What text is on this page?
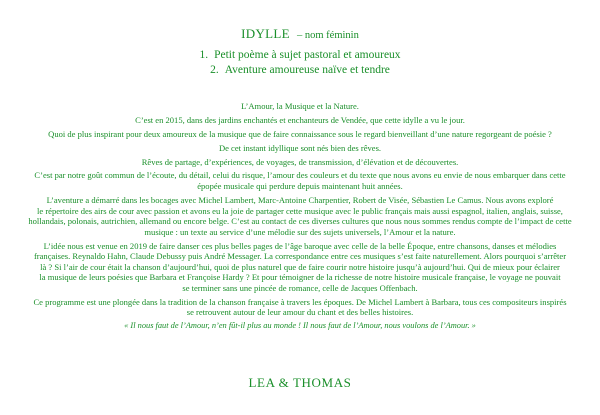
IDYLLE – nom féminin
1. Petit poème à sujet pastoral et amoureux
2. Aventure amoureuse naïve et tendre

L’Amour, la Musique et la Nature.

C’est en 2015, dans des jardins enchantés et enchanteurs de Vendée, que cette idylle a vu le jour.

Quoi de plus inspirant pour deux amoureux de la musique que de faire connaissance sous le regard bienveillant d’une nature regorgeant de poésie ?

De cet instant idyllique sont nés bien des rêves.

Rêves de partage, d’expériences, de voyages, de transmission, d’élévation et de découvertes.

C’est par notre goût commun de l’écoute, du détail, celui du risque, l’amour des couleurs et du texte que nous avons eu envie de nous embarquer dans cette
épopée musicale qui perdure depuis maintenant huit années.

L’aventure a démarré dans les bocages avec Michel Lambert, Marc-Antoine Charpentier, Robert de Visée, Sébastien Le Camus. Nous avons exploré
le répertoire des airs de cour avec passion et avons eu la joie de partager cette musique avec le public français mais aussi espagnol, italien, anglais, suisse,
hollandais, polonais, autrichien, allemand ou encore belge. C’est au contact de ces diverses cultures que nous nous sommes rendus compte de l’impact de cette
musique : un texte au service d’une mélodie sur des sujets universels, l’Amour et la nature.

L’idée nous est venue en 2019 de faire danser ces plus belles pages de l’âge baroque avec celle de la belle Époque, entre chansons, danses et mélodies
françaises. Reynaldo Hahn, Claude Debussy puis André Messager. La correspondance entre ces musiques s’est faite naturellement. Alors pourquoi s’arrêter
là ? Si l’air de cour était la chanson d’aujourd’hui, quoi de plus naturel que de faire courir notre histoire jusqu’à aujourd’hui. Qui de mieux pour éclairer
la musique de leurs poésies que Barbara et Françoise Hardy ? Et pour témoigner de la richesse de notre histoire musicale française, le voyage ne pouvait
se terminer sans une pincée de romance, celle de Jacques Offenbach.

Ce programme est une plongée dans la tradition de la chanson française à travers les époques. De Michel Lambert à Barbara, tous ces compositeurs inspirés
se retrouvent autour de leur amour du chant et des belles histoires.

« Il nous faut de l’Amour, n’en fût-il plus au monde ! Il nous faut de l’Amour, nous voulons de l’Amour. »

LEA & THOMAS
